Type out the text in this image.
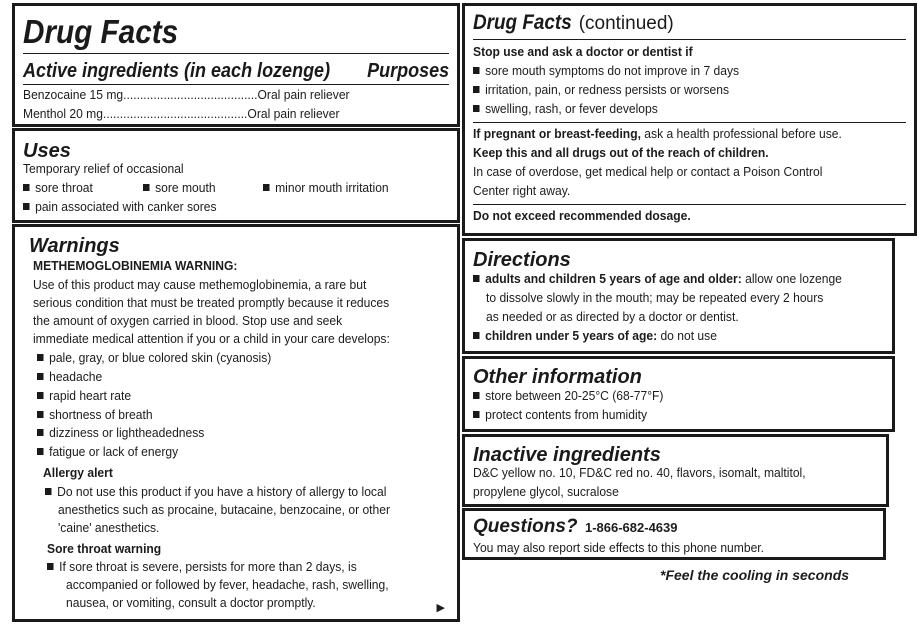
Drug Facts
Active ingredients (in each lozenge) Purposes
Benzocaine 15 mg........................................Oral pain reliever
Menthol 20 mg...........................................Oral pain reliever
Uses
Temporary relief of occasional
sore throat	sore mouth	minor mouth irritation
pain associated with canker sores
Warnings
METHEMOGLOBINEMIA WARNING:
Use of this product may cause methemoglobinemia, a rare but
serious condition that must be treated promptly because it reduces
the amount of oxygen carried in blood. Stop use and seek
immediate medical attention if you or a child in your care develops:
pale, gray, or blue colored skin (cyanosis)
headache
rapid heart rate
shortness of breath
dizziness or lightheadedness
fatigue or lack of energy
Allergy alert
Do not use this product if you have a history of allergy to local
anesthetics such as procaine, butacaine, benzocaine, or other
'caine' anesthetics.
Sore throat warning
If sore throat is severe, persists for more than 2 days, is
accompanied or followed by fever, headache, rash, swelling,
nausea, or vomiting, consult a doctor promptly.	▶
Drug Facts (continued)
Stop use and ask a doctor or dentist if
sore mouth symptoms do not improve in 7 days
irritation, pain, or redness persists or worsens
swelling, rash, or fever develops
If pregnant or breast-feeding, ask a health professional before use.
Keep this and all drugs out of the reach of children.
In case of overdose, get medical help or contact a Poison Control
Center right away.
Do not exceed recommended dosage.
Directions
adults and children 5 years of age and older: allow one lozenge
to dissolve slowly in the mouth; may be repeated every 2 hours
as needed or as directed by a doctor or dentist.
children under 5 years of age: do not use
Other information
store between 20-25°C (68-77°F)
protect contents from humidity
Inactive ingredients
D&C yellow no. 10, FD&C red no. 40, flavors, isomalt, maltitol,
propylene glycol, sucralose
Questions? 1-866-682-4639
You may also report side effects to this phone number.
*Feel the cooling in seconds
